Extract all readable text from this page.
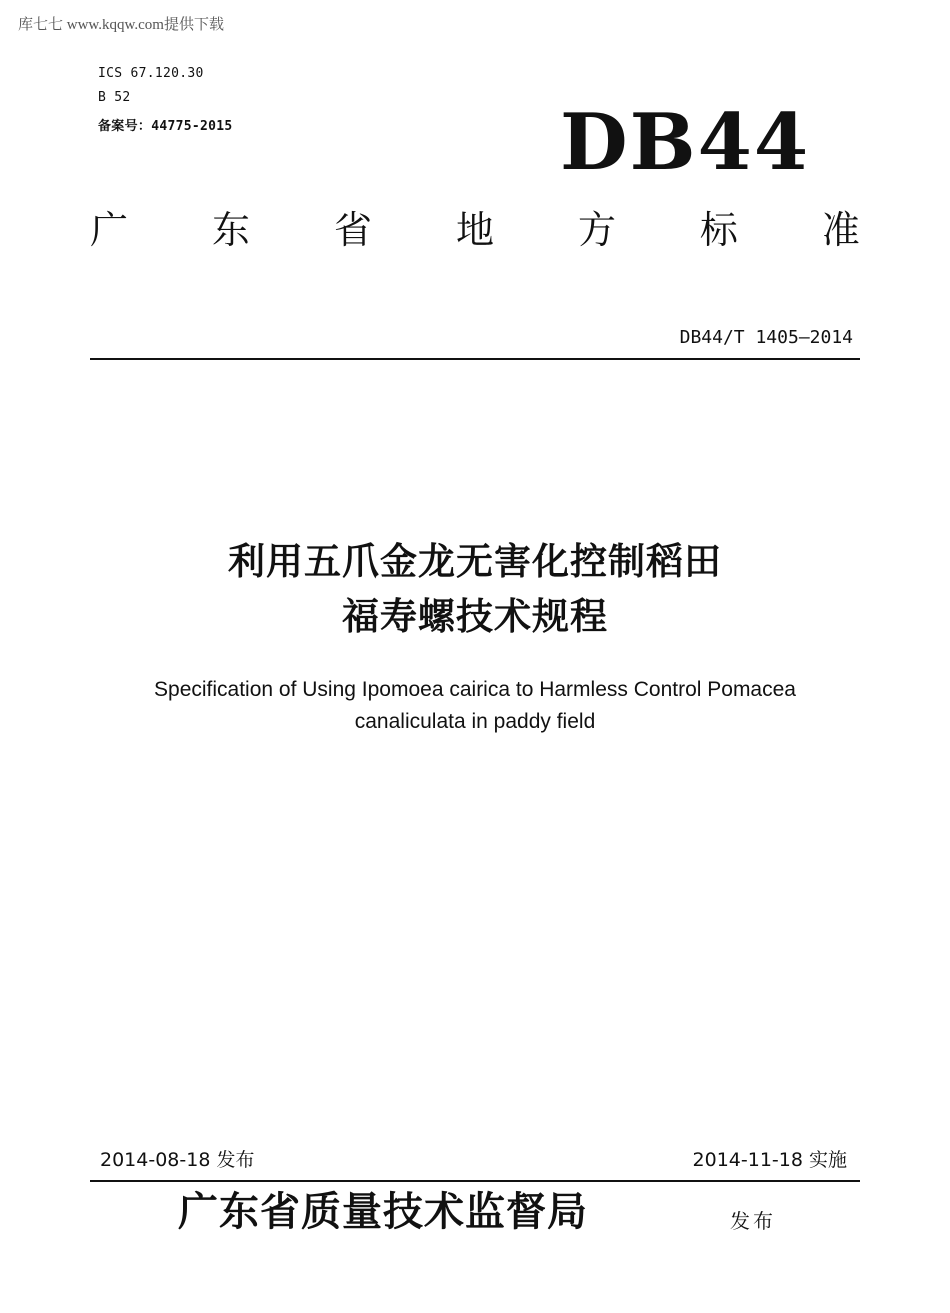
库七七 www.kqqw.com提供下载
ICS 67.120.30
B 52
备案号：44775-2015	DB44
广 东 省 地 方 标 准
DB44/T 1405—2014
利用五爪金龙无害化控制稻田
福寿螺技术规程
Specification of Using Ipomoea cairica to Harmless Control Pomacea
canaliculata in paddy field
2014-08-18 发布	2014-11-18 实施
广东省质量技术监督局	发布
